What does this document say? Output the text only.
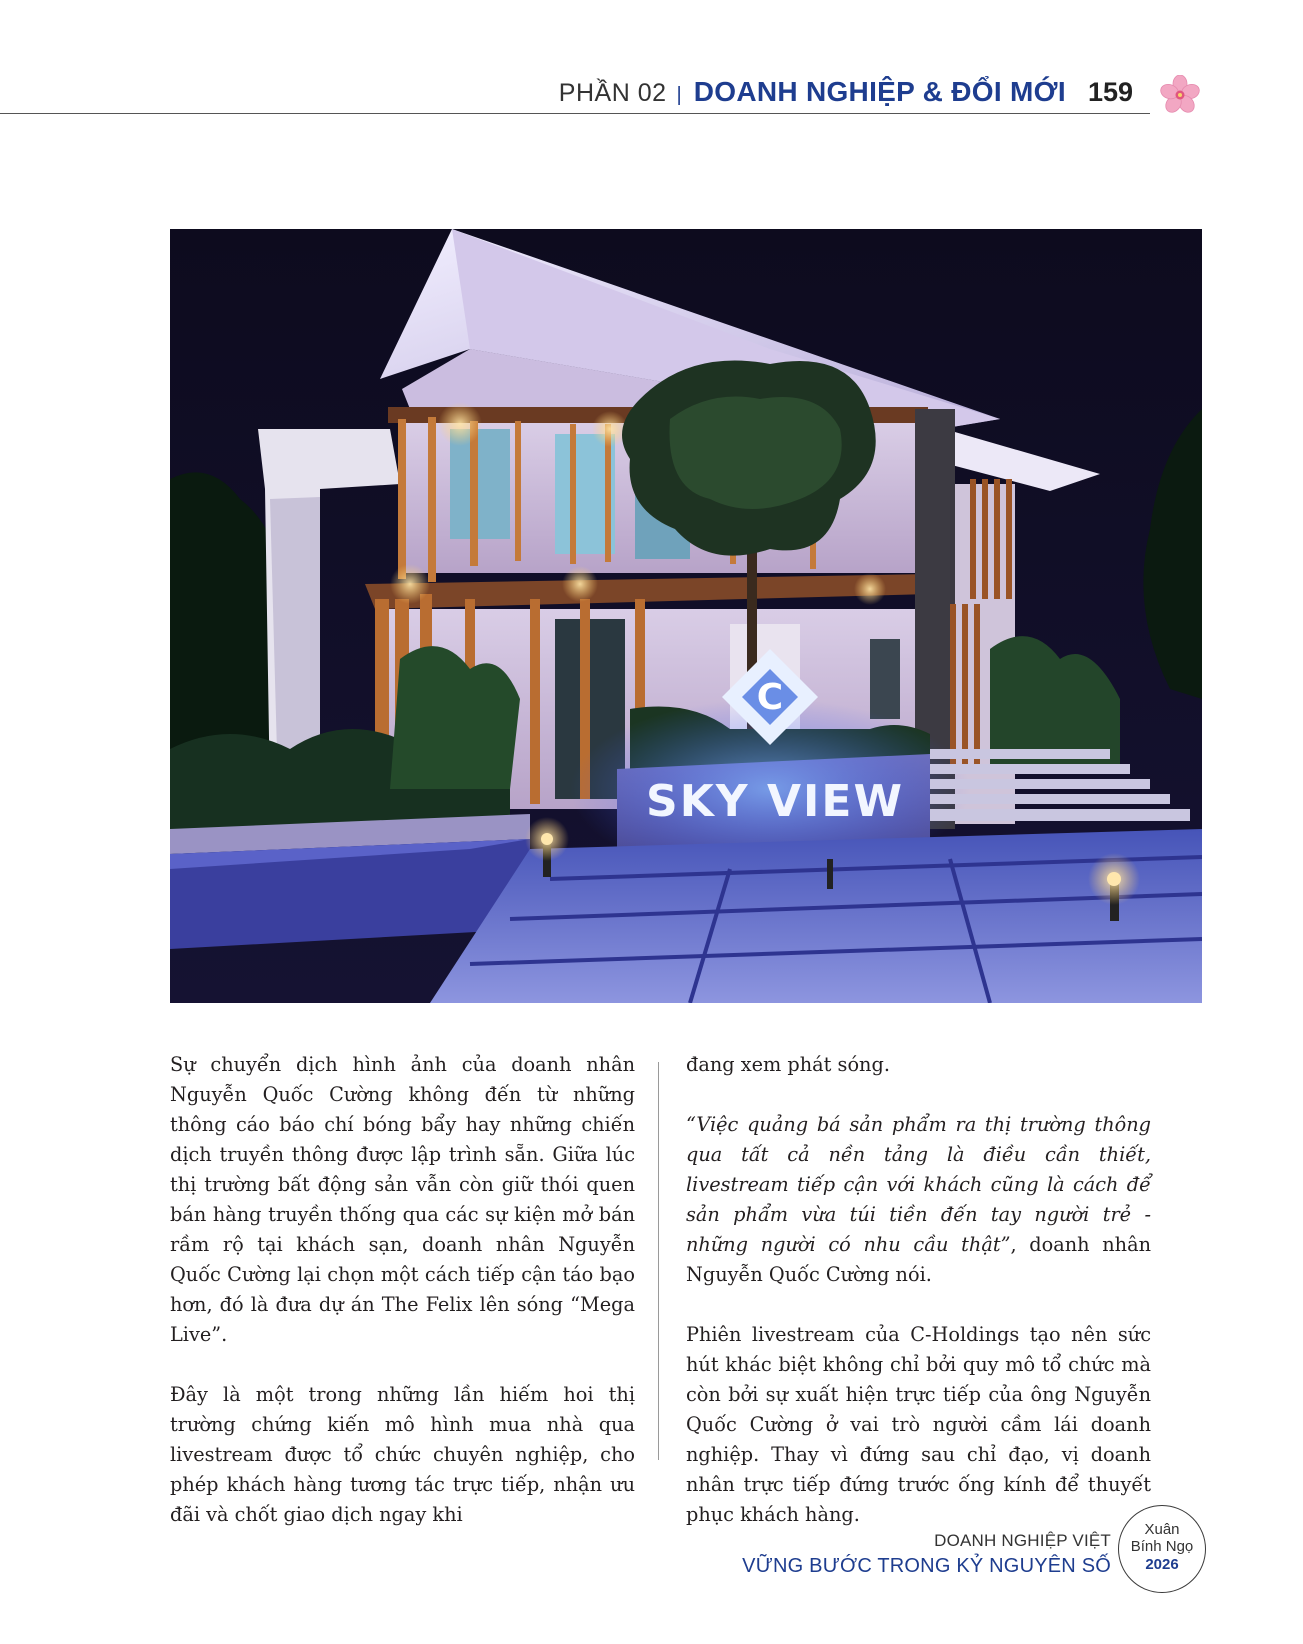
PHẦN 02 | DOANH NGHIỆP & ĐỔI MỚI 159
C
SKY VIEW

Sự chuyển dịch hình ảnh của doanh nhân Nguyễn Quốc Cường không đến từ những thông cáo báo chí bóng bẩy hay những chiến dịch truyền thông được lập trình sẵn. Giữa lúc thị trường bất động sản vẫn còn giữ thói quen bán hàng truyền thống qua các sự kiện mở bán rầm rộ tại khách sạn, doanh nhân Nguyễn Quốc Cường lại chọn một cách tiếp cận táo bạo hơn, đó là đưa dự án The Felix lên sóng “Mega Live”.

Đây là một trong những lần hiếm hoi thị trường chứng kiến mô hình mua nhà qua livestream được tổ chức chuyên nghiệp, cho phép khách hàng tương tác trực tiếp, nhận ưu đãi và chốt giao dịch ngay khi

đang xem phát sóng.

“Việc quảng bá sản phẩm ra thị trường thông qua tất cả nền tảng là điều cần thiết, livestream tiếp cận với khách cũng là cách để sản phẩm vừa túi tiền đến tay người trẻ - những người có nhu cầu thật”, doanh nhân Nguyễn Quốc Cường nói.

Phiên livestream của C-Holdings tạo nên sức hút khác biệt không chỉ bởi quy mô tổ chức mà còn bởi sự xuất hiện trực tiếp của ông Nguyễn Quốc Cường ở vai trò người cầm lái doanh nghiệp. Thay vì đứng sau chỉ đạo, vị doanh nhân trực tiếp đứng trước ống kính để thuyết phục khách hàng.

DOANH NGHIỆP VIỆT
VỮNG BƯỚC TRONG KỶ NGUYÊN SỐ
Xuân
Bính Ngọ
2026
